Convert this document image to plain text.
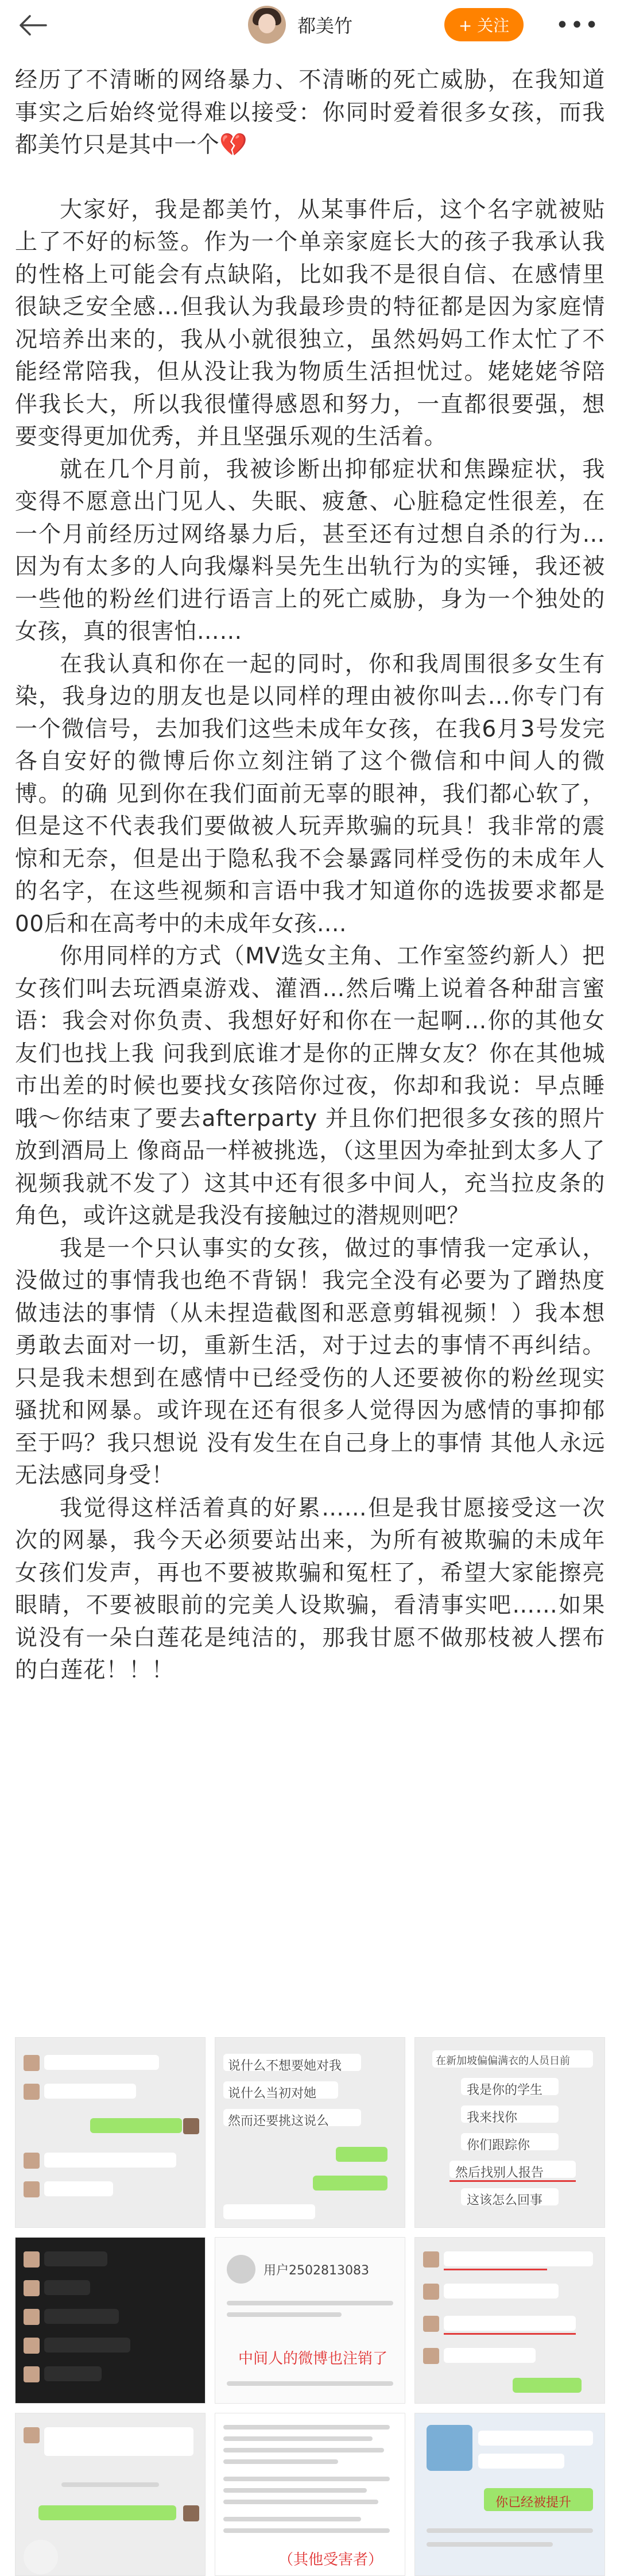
都美竹	+ 关注	•••

经历了不清晰的网络暴力、不清晰的死亡威胁，在我知道事实之后始终觉得难以接受：你同时爱着很多女孩，而我都美竹只是其中一个💔

大家好，我是都美竹，从某事件后，这个名字就被贴上了不好的标签。作为一个单亲家庭长大的孩子我承认我的性格上可能会有点缺陷，比如我不是很自信、在感情里很缺乏安全感…但我认为我最珍贵的特征都是因为家庭情况培养出来的，我从小就很独立，虽然妈妈工作太忙了不能经常陪我，但从没让我为物质生活担忧过。姥姥姥爷陪伴我长大，所以我很懂得感恩和努力，一直都很要强，想要变得更加优秀，并且坚强乐观的生活着。

就在几个月前，我被诊断出抑郁症状和焦躁症状，我变得不愿意出门见人、失眠、疲惫、心脏稳定性很差，在一个月前经历过网络暴力后，甚至还有过想自杀的行为…因为有太多的人向我爆料吴先生出轨行为的实锤，我还被一些他的粉丝们进行语言上的死亡威胁，身为一个独处的女孩，真的很害怕……

在我认真和你在一起的同时，你和我周围很多女生有染，我身边的朋友也是以同样的理由被你叫去…你专门有一个微信号，去加我们这些未成年女孩，在我6月3号发完各自安好的微博后你立刻注销了这个微信和中间人的微博。的确 见到你在我们面前无辜的眼神，我们都心软了，但是这不代表我们要做被人玩弄欺骗的玩具！我非常的震惊和无奈，但是出于隐私我不会暴露同样受伤的未成年人的名字，在这些视频和言语中我才知道你的选拔要求都是00后和在高考中的未成年女孩....

你用同样的方式（MV选女主角、工作室签约新人）把女孩们叫去玩酒桌游戏、灌酒…然后嘴上说着各种甜言蜜语：我会对你负责、我想好好和你在一起啊…你的其他女友们也找上我 问我到底谁才是你的正牌女友？你在其他城市出差的时候也要找女孩陪你过夜，你却和我说：早点睡哦～你结束了要去afterparty 并且你们把很多女孩的照片放到酒局上 像商品一样被挑选，（这里因为牵扯到太多人了视频我就不发了）这其中还有很多中间人，充当拉皮条的角色，或许这就是我没有接触过的潜规则吧？

我是一个只认事实的女孩，做过的事情我一定承认，没做过的事情我也绝不背锅！我完全没有必要为了蹭热度做违法的事情（从未捏造截图和恶意剪辑视频！）我本想勇敢去面对一切，重新生活，对于过去的事情不再纠结。只是我未想到在感情中已经受伤的人还要被你的粉丝现实骚扰和网暴。或许现在还有很多人觉得因为感情的事抑郁 至于吗？我只想说 没有发生在自己身上的事情 其他人永远无法感同身受！

我觉得这样活着真的好累……但是我甘愿接受这一次次的网暴，我今天必须要站出来，为所有被欺骗的未成年女孩们发声，再也不要被欺骗和冤枉了，希望大家能擦亮眼睛，不要被眼前的完美人设欺骗，看清事实吧……如果说没有一朵白莲花是纯洁的，那我甘愿不做那枝被人摆布的白莲花！！！

说什么不想要她对我
说什么当初对她
然而还要挑这说么
在新加坡偏偏满衣的人员日前
我是你的学生
我来找你
你们跟踪你
然后找别人报告
这该怎么回事
用户2502813083
中间人的微博也注销了
（其他受害者）
你已经被提升
